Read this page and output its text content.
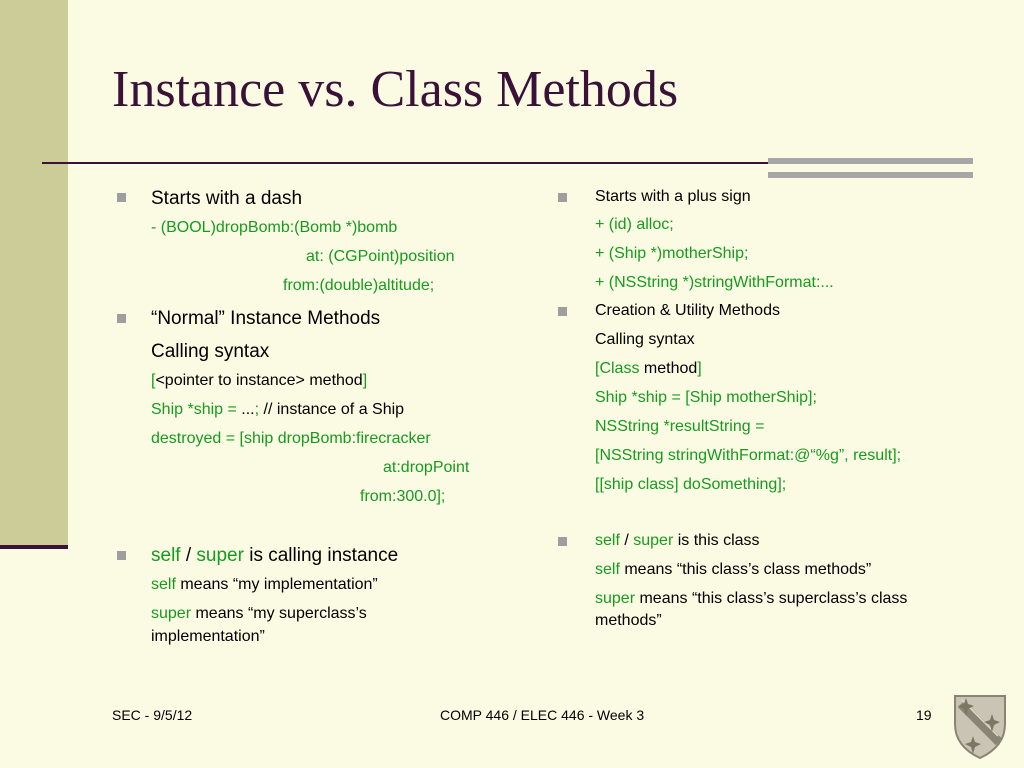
Instance vs. Class Methods
Starts with a dash
- (BOOL)dropBomb:(Bomb *)bomb
at: (CGPoint)position
from:(double)altitude;
“Normal” Instance Methods
Calling syntax
[<pointer to instance> method]
Ship *ship = ...; // instance of a Ship
destroyed = [ship dropBomb:firecracker
at:dropPoint
from:300.0];
self / super is calling instance
self means “my implementation”
super means “my superclass’s
implementation”
Starts with a plus sign
+ (id) alloc;
+ (Ship *)motherShip;
+ (NSString *)stringWithFormat:...
Creation & Utility Methods
Calling syntax
[Class method]
Ship *ship = [Ship motherShip];
NSString *resultString =
[NSString stringWithFormat:@“%g”, result];
[[ship class] doSomething];
self / super is this class
self means “this class’s class methods”
super means “this class’s superclass’s class
methods”
SEC - 9/5/12	COMP 446 / ELEC 446 - Week 3	19
